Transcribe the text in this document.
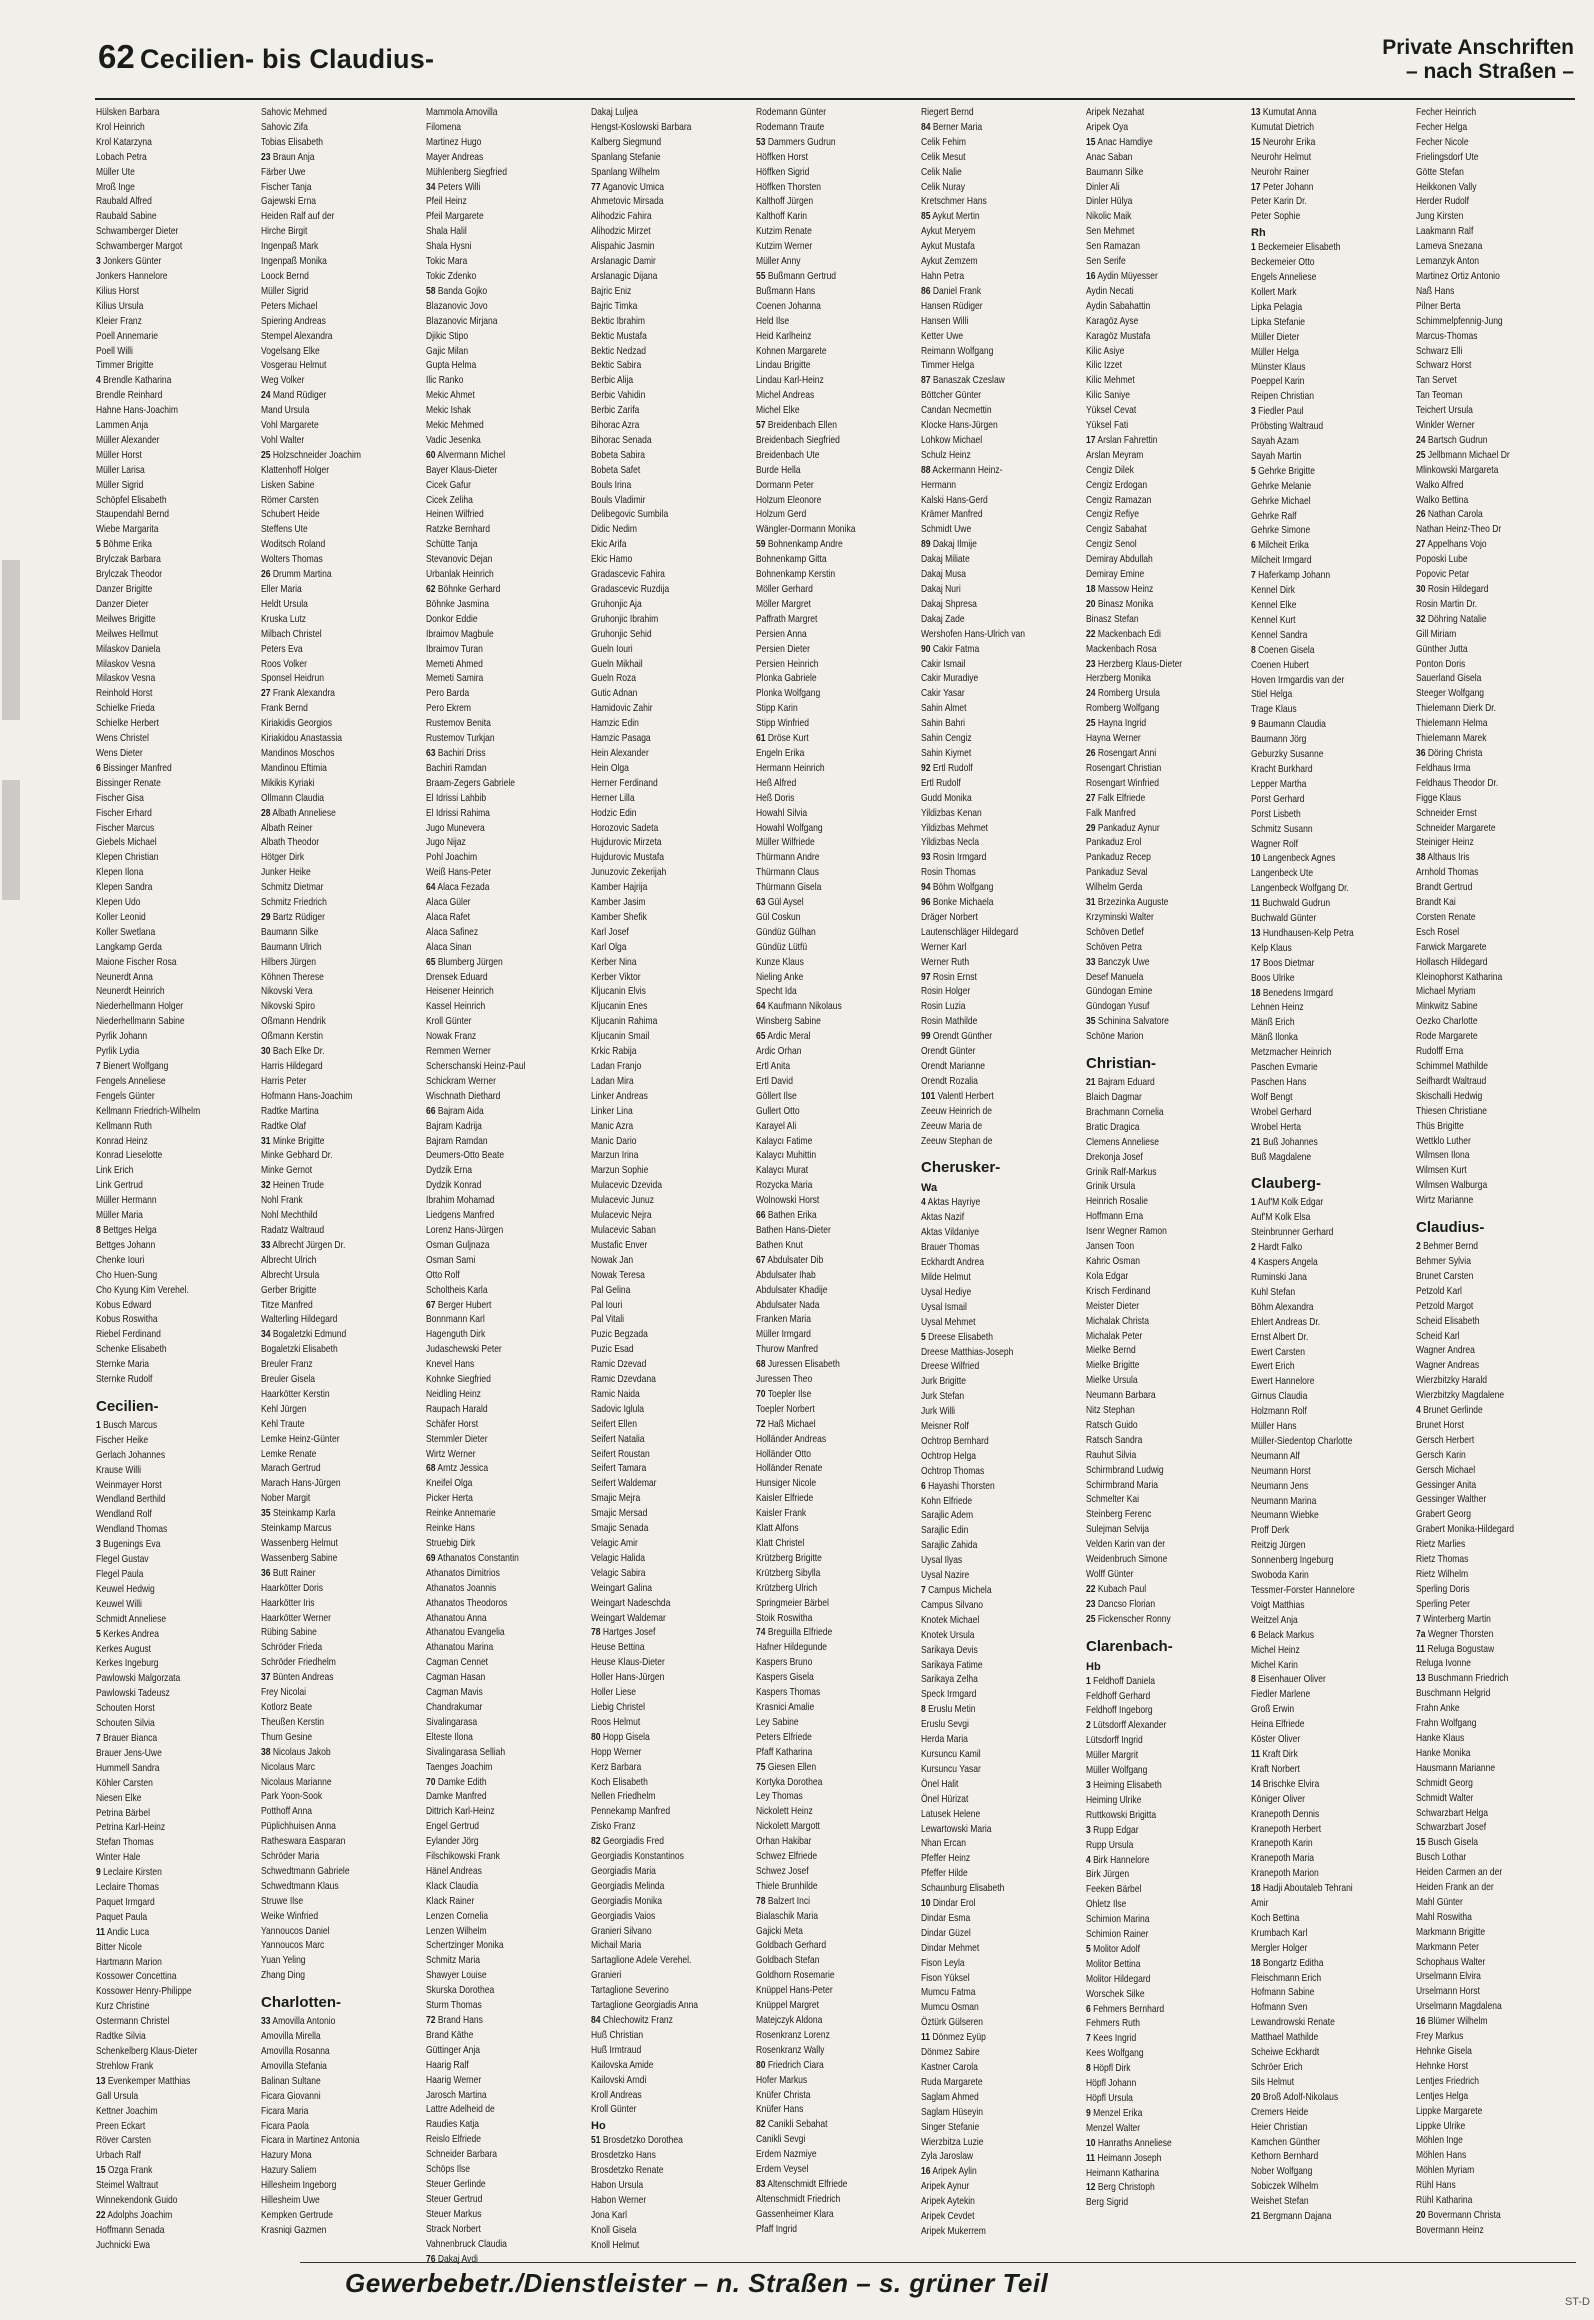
62 Cecilien- bis Claudius-	Private Anschriften
– nach Straßen –
Hülsken Barbara
Krol Heinrich
Krol Katarzyna
Lobach Petra
Müller Ute
Mroß Inge
Raubald Alfred
Raubald Sabine
Schwamberger Dieter
Schwamberger Margot
3 Jonkers Günter
Jonkers Hannelore
Kilius Horst
Kilius Ursula
Kleier Franz
Poell Annemarie
Poell Willi
Timmer Brigitte
4 Brendle Katharina
Brendle Reinhard
Hahne Hans-Joachim
Lammen Anja
Müller Alexander
Müller Horst
Müller Larisa
Müller Sigrid
Schöpfel Elisabeth
Staupendahl Bernd
Wiebe Margarita
5 Böhme Erika
Brylczak Barbara
Brylczak Theodor
Danzer Brigitte
Danzer Dieter
Meilwes Brigitte
Meilwes Hellmut
Milaskov Daniela
Milaskov Vesna
Milaskov Vesna
Reinhold Horst
Schielke Frieda
Schielke Herbert
Wens Christel
Wens Dieter
6 Bissinger Manfred
Bissinger Renate
Fischer Gisa
Fischer Erhard
Fischer Marcus
Giebels Michael
Klepen Christian
Klepen Ilona
Klepen Sandra
Klepen Udo
Koller Leonid
Koller Swetlana
Langkamp Gerda
Maione Fischer Rosa
Neunerdt Anna
Neunerdt Heinrich
Niederhellmann Holger
Niederhellmann Sabine
Pyrlik Johann
Pyrlik Lydia
7 Bienert Wolfgang
Fengels Anneliese
Fengels Günter
Kellmann Friedrich-Wilhelm
Kellmann Ruth
Konrad Heinz
Konrad Lieselotte
Link Erich
Link Gertrud
Müller Hermann
Müller Maria
8 Bettges Helga
Bettges Johann
Chenke Iouri
Cho Huen-Sung
Cho Kyung Kim Verehel.
Kobus Edward
Kobus Roswitha
Riebel Ferdinand
Schenke Elisabeth
Sternke Maria
Sternke Rudolf
Cecilien-
1 Busch Marcus
Fischer Heike
Gerlach Johannes
Krause Willi
Weinmayer Horst
Wendland Berthild
Wendland Rolf
Wendland Thomas
3 Bugenings Eva
Flegel Gustav
Flegel Paula
Keuwel Hedwig
Keuwel Willi
Schmidt Anneliese
5 Kerkes Andrea
Kerkes August
Kerkes Ingeburg
Pawlowski Malgorzata
Pawlowski Tadeusz
Schouten Horst
Schouten Silvia
7 Brauer Bianca
Brauer Jens-Uwe
Hummell Sandra
Köhler Carsten
Niesen Elke
Petrina Bärbel
Petrina Karl-Heinz
Stefan Thomas
Winter Hale
9 Leclaire Kirsten
Leclaire Thomas
Paquet Irmgard
Paquet Paula
11 Andic Luca
Bitter Nicole
Hartmann Marion
Kossower Concettina
Kossower Henry-Philippe
Kurz Christine
Ostermann Christel
Radtke Silvia
Schenkelberg Klaus-Dieter
Strehlow Frank
13 Evenkemper Matthias
Gall Ursula
Kettner Joachim
Preen Eckart
Röver Carsten
Urbach Ralf
15 Ozga Frank
Steimel Waltraut
Winnekendonk Guido
22 Adolphs Joachim
Hoffmann Senada
Juchnicki Ewa
Sahovic Mehmed
Sahovic Zifa
Tobias Elisabeth
23 Braun Anja
Färber Uwe
Fischer Tanja
Gajewski Erna
Heiden Ralf auf der
Hirche Birgit
Ingenpaß Mark
Ingenpaß Monika
Loock Bernd
Müller Sigrid
Peters Michael
Spiering Andreas
Stempel Alexandra
Vogelsang Elke
Vosgerau Helmut
Weg Volker
24 Mand Rüdiger
Mand Ursula
Vohl Margarete
Vohl Walter
25 Holzschneider Joachim
Klattenhoff Holger
Lisken Sabine
Römer Carsten
Schubert Heide
Steffens Ute
Woditsch Roland
Wolters Thomas
26 Drumm Martina
Eller Maria
Heldt Ursula
Kruska Lutz
Milbach Christel
Peters Eva
Roos Volker
Sponsel Heidrun
27 Frank Alexandra
Frank Bernd
Kiriakidis Georgios
Kiriakidou Anastassia
Mandinos Moschos
Mandinou Eftimia
Mikikis Kyriaki
Ollmann Claudia
28 Albath Anneliese
Albath Reiner
Albath Theodor
Hötger Dirk
Junker Heike
Schmitz Dietmar
Schmitz Friedrich
29 Bartz Rüdiger
Baumann Silke
Baumann Ulrich
Hilbers Jürgen
Köhnen Therese
Nikovski Vera
Nikovski Spiro
Oßmann Hendrik
Oßmann Kerstin
30 Bach Elke Dr.
Harris Hildegard
Harris Peter
Hofmann Hans-Joachim
Radtke Martina
Radtke Olaf
31 Minke Brigitte
Minke Gebhard Dr.
Minke Gernot
32 Heinen Trude
Nohl Frank
Nohl Mechthild
Radatz Waltraud
33 Albrecht Jürgen Dr.
Albrecht Ulrich
Albrecht Ursula
Gerber Brigitte
Titze Manfred
Walterling Hildegard
34 Bogaletzki Edmund
Bogaletzki Elisabeth
Breuler Franz
Breuler Gisela
Haarkötter Kerstin
Kehl Jürgen
Kehl Traute
Lemke Heinz-Günter
Lemke Renate
Marach Gertrud
Marach Hans-Jürgen
Nober Margit
35 Steinkamp Karla
Steinkamp Marcus
Wassenberg Helmut
Wassenberg Sabine
36 Butt Rainer
Haarkötter Doris
Haarkötter Iris
Haarkötter Werner
Rübing Sabine
Schröder Frieda
Schröder Friedhelm
37 Bünten Andreas
Frey Nicolai
Kotlorz Beate
Theußen Kerstin
Thum Gesine
38 Nicolaus Jakob
Nicolaus Marc
Nicolaus Marianne
Park Yoon-Sook
Potthoff Anna
Püplichhuisen Anna
Ratheswara Easparan
Schröder Maria
Schwedtmann Gabriele
Schwedtmann Klaus
Struwe Ilse
Weike Winfried
Yannoucos Daniel
Yannoucos Marc
Yuan Yeling
Zhang Ding
Charlotten-
33 Amovilla Antonio
Amovilla Mirella
Amovilla Rosanna
Amovilla Stefania
Balinan Sultane
Ficara Giovanni
Ficara Maria
Ficara Paola
Ficara in Martinez Antonia
Hazury Mona
Hazury Saliem
Hillesheim Ingeborg
Hillesheim Uwe
Kempken Gertrude
Krasniqi Gazmen
Mammola Amovilla
Filomena
Martinez Hugo
Mayer Andreas
Mühlenberg Siegfried
34 Peters Willi
Pfeil Heinz
Pfeil Margarete
Shala Halil
Shala Hysni
Tokic Mara
Tokic Zdenko
58 Banda Gojko
Blazanovic Jovo
Blazanovic Mirjana
Djikic Stipo
Gajic Milan
Gupta Helma
Ilic Ranko
Mekic Ahmet
Mekic Ishak
Mekic Mehmed
Vadic Jesenka
60 Alvermann Michel
Bayer Klaus-Dieter
Cicek Gafur
Cicek Zeliha
Heinen Wilfried
Ratzke Bernhard
Schütte Tanja
Stevanovic Dejan
Urbanlak Heinrich
62 Böhnke Gerhard
Böhnke Jasmina
Donkor Eddie
Ibraimov Magbule
Ibraimov Turan
Memeti Ahmed
Memeti Samira
Pero Barda
Pero Ekrem
Rustemov Benita
Rustemov Turkjan
63 Bachiri Driss
Bachiri Ramdan
Braam-Zegers Gabriele
El Idrissi Lahbib
El Idrissi Rahima
Jugo Munevera
Jugo Nijaz
Pohl Joachim
Weiß Hans-Peter
64 Alaca Fezada
Alaca Güler
Alaca Rafet
Alaca Safinez
Alaca Sinan
65 Blumberg Jürgen
Drensek Eduard
Heisener Heinrich
Kassel Heinrich
Kroll Günter
Nowak Franz
Remmen Werner
Scherschanski Heinz-Paul
Schickram Werner
Wischnath Diethard
66 Bajram Aida
Bajram Kadrija
Bajram Ramdan
Deumers-Otto Beate
Dydzik Erna
Dydzik Konrad
Ibrahim Mohamad
Liedgens Manfred
Lorenz Hans-Jürgen
Osman Guljnaza
Osman Sami
Otto Rolf
Scholtheis Karla
67 Berger Hubert
Bonnmann Karl
Hagenguth Dirk
Judaschewski Peter
Knevel Hans
Kohnke Siegfried
Neidling Heinz
Raupach Harald
Schäfer Horst
Stemmler Dieter
Wirtz Werner
68 Arntz Jessica
Kneifel Olga
Picker Herta
Reinke Annemarie
Reinke Hans
Struebig Dirk
69 Athanatos Constantin
Athanatos Dimitrios
Athanatos Joannis
Athanatos Theodoros
Athanatou Anna
Athanatou Evangelia
Athanatou Marina
Cagman Cennet
Cagman Hasan
Cagman Mavis
Chandrakumar
Sivalingarasa
Elteste Ilona
Sivalingarasa Selliah
Taenges Joachim
70 Damke Edith
Damke Manfred
Dittrich Karl-Heinz
Engel Gertrud
Eylander Jörg
Filschikowski Frank
Hänel Andreas
Klack Claudia
Klack Rainer
Lenzen Cornelia
Lenzen Wilhelm
Schertzinger Monika
Schmitz Maria
Shawyer Louise
Skurska Dorothea
Sturm Thomas
72 Brand Hans
Brand Käthe
Güttinger Anja
Haarig Ralf
Haarig Werner
Jarosch Martina
Lattre Adelheid de
Raudies Katja
Reislo Elfriede
Schneider Barbara
Schöps Ilse
Steuer Gerlinde
Steuer Gertrud
Steuer Markus
Strack Norbert
Vahnenbruck Claudia
76 Dakaj Avdi
Dakaj Luljea
Hengst-Koslowski Barbara
Kalberg Siegmund
Spanlang Stefanie
Spanlang Wilhelm
77 Aganovic Umica
Ahmetovic Mirsada
Alihodzic Fahira
Alihodzic Mirzet
Alispahic Jasmin
Arslanagic Damir
Arslanagic Dijana
Bajric Eniz
Bajric Timka
Bektic Ibrahim
Bektic Mustafa
Bektic Nedzad
Bektic Sabira
Berbic Alija
Berbic Vahidin
Berbic Zarifa
Bihorac Azra
Bihorac Senada
Bobeta Sabira
Bobeta Safet
Bouls Irina
Bouls Vladimir
Delibegovic Sumbila
Didic Nedim
Ekic Arifa
Ekic Hamo
Gradascevic Fahira
Gradascevic Ruzdija
Gruhonjic Aja
Gruhonjic Ibrahim
Gruhonjic Sehid
Gueln Iouri
Gueln Mikhail
Gueln Roza
Gutic Adnan
Hamidovic Zahir
Hamzic Edin
Hamzic Pasaga
Hein Alexander
Hein Olga
Herner Ferdinand
Herner Lilla
Hodzic Edin
Horozovic Sadeta
Hujdurovic Mirzeta
Hujdurovic Mustafa
Junuzovic Zekerijah
Kamber Hajrija
Kamber Jasim
Kamber Shefik
Karl Josef
Karl Olga
Kerber Nina
Kerber Viktor
Kljucanin Elvis
Kljucanin Enes
Kljucanin Rahima
Kljucanin Smail
Krkic Rabija
Ladan Franjo
Ladan Mira
Linker Andreas
Linker Lina
Manic Azra
Manic Dario
Marzun Irina
Marzun Sophie
Mulacevic Dzevida
Mulacevic Junuz
Mulacevic Nejra
Mulacevic Saban
Mustafic Enver
Nowak Jan
Nowak Teresa
Pal Gelina
Pal Iouri
Pal Vitali
Puzic Begzada
Puzic Esad
Ramic Dzevad
Ramic Dzevdana
Ramic Naida
Sadovic Iglula
Seifert Ellen
Seifert Natalia
Seifert Roustan
Seifert Tamara
Seifert Waldemar
Smajic Mejra
Smajic Mersad
Smajic Senada
Velagic Amir
Velagic Halida
Velagic Sabira
Weingart Galina
Weingart Nadeschda
Weingart Waldemar
78 Hartges Josef
Heuse Bettina
Heuse Klaus-Dieter
Holler Hans-Jürgen
Holler Liese
Liebig Christel
Roos Helmut
80 Hopp Gisela
Hopp Werner
Kerz Barbara
Koch Elisabeth
Nellen Friedhelm
Pennekamp Manfred
Zisko Franz
82 Georgiadis Fred
Georgiadis Konstantinos
Georgiadis Maria
Georgiadis Melinda
Georgiadis Monika
Georgiadis Vaios
Granieri Silvano
Michail Maria
Sartaglione Adele Verehel.
Granieri
Tartaglione Severino
Tartaglione Georgiadis Anna
84 Chlechowitz Franz
Huß Christian
Huß Irmtraud
Kailovska Amide
Kailovski Arndi
Kroll Andreas
Kroll Günter
Ho
51 Brosdetzko Dorothea
Brosdetzko Hans
Brosdetzko Renate
Habon Ursula
Habon Werner
Jona Karl
Knoll Gisela
Knoll Helmut
Rodemann Günter
Rodemann Traute
53 Dammers Gudrun
Höffken Horst
Höffken Sigrid
Höffken Thorsten
Kalthoff Jürgen
Kalthoff Karin
Kutzim Renate
Kutzim Werner
Müller Anny
55 Bußmann Gertrud
Bußmann Hans
Coenen Johanna
Held Ilse
Heid Karlheinz
Kohnen Margarete
Lindau Brigitte
Lindau Karl-Heinz
Michel Andreas
Michel Elke
57 Breidenbach Ellen
Breidenbach Siegfried
Breidenbach Ute
Burde Hella
Dormann Peter
Holzum Eleonore
Holzum Gerd
Wängler-Dormann Monika
59 Bohnenkamp Andre
Bohnenkamp Gitta
Bohnenkamp Kerstin
Möller Gerhard
Möller Margret
Paffrath Margret
Persien Anna
Persien Dieter
Persien Heinrich
Plonka Gabriele
Plonka Wolfgang
Stipp Karin
Stipp Winfried
61 Dröse Kurt
Engeln Erika
Hermann Heinrich
Heß Alfred
Heß Doris
Howahl Silvia
Howahl Wolfgang
Müller Wilfriede
Thürmann Andre
Thürmann Claus
Thürmann Gisela
63 Gül Aysel
Gül Coskun
Gündüz Gülhan
Gündüz Lütfü
Kunze Klaus
Nieling Anke
Specht Ida
64 Kaufmann Nikolaus
Winsberg Sabine
65 Ardic Meral
Ardic Orhan
Ertl Anita
Ertl David
Göllert Ilse
Gullert Otto
Karayel Ali
Kalaycı Fatime
Kalaycı Muhittin
Kalaycı Murat
Rozycka Maria
Wolnowski Horst
66 Bathen Erika
Bathen Hans-Dieter
Bathen Knut
67 Abdulsater Dib
Abdulsater Ihab
Abdulsater Khadije
Abdulsater Nada
Franken Maria
Müller Irmgard
Thurow Manfred
68 Juressen Elisabeth
Juressen Theo
70 Toepler Ilse
Toepler Norbert
72 Haß Michael
Holländer Andreas
Holländer Otto
Holländer Renate
Hunsiger Nicole
Kaisler Elfriede
Kaisler Frank
Klatt Alfons
Klatt Christel
Krützberg Brigitte
Krützberg Sibylla
Krützberg Ulrich
Springmeier Bärbel
Stoik Roswitha
74 Breguilla Elfriede
Hafner Hildegunde
Kaspers Bruno
Kaspers Gisela
Kaspers Thomas
Krasnici Amalie
Ley Sabine
Peters Elfriede
Pfaff Katharina
75 Giesen Ellen
Kortyka Dorothea
Ley Thomas
Nickolett Heinz
Nickolett Margott
Orhan Hakibar
Schwez Elfriede
Schwez Josef
Thiele Brunhilde
78 Balzert Inci
Bialaschik Maria
Gajicki Meta
Goldbach Gerhard
Goldbach Stefan
Goldhorn Rosemarie
Knüppel Hans-Peter
Knüppel Margret
Matejczyk Aldona
Rosenkranz Lorenz
Rosenkranz Wally
80 Friedrich Ciara
Hofer Markus
Knüfer Christa
Knüfer Hans
82 Canikli Sebahat
Canikli Sevgi
Erdem Nazmiye
Erdem Veysel
83 Altenschmidt Elfriede
Altenschmidt Friedrich
Gassenheimer Klara
Pfaff Ingrid
Riegert Bernd
84 Berner Maria
Celik Fehim
Celik Mesut
Celik Nalie
Celik Nuray
Kretschmer Hans
85 Aykut Mertin
Aykut Meryem
Aykut Mustafa
Aykut Zemzem
Hahn Petra
86 Daniel Frank
Hansen Rüdiger
Hansen Willi
Ketter Uwe
Reimann Wolfgang
Timmer Helga
87 Banaszak Czeslaw
Böttcher Günter
Candan Necmettin
Klocke Hans-Jürgen
Lohkow Michael
Schulz Heinz
88 Ackermann Heinz-
Hermann
Kalski Hans-Gerd
Krämer Manfred
Schmidt Uwe
89 Dakaj Ilmije
Dakaj Miliate
Dakaj Musa
Dakaj Nuri
Dakaj Shpresa
Dakaj Zade
Wershofen Hans-Ulrich van
90 Cakir Fatma
Cakir Ismail
Cakir Muradiye
Cakir Yasar
Sahin Almet
Sahin Bahri
Sahin Cengiz
Sahin Kiymet
92 Ertl Rudolf
Ertl Rudolf
Gudd Monika
Yildizbas Kenan
Yildizbas Mehmet
Yildizbas Necla
93 Rosin Irmgard
Rosin Thomas
94 Böhm Wolfgang
96 Bonke Michaela
Dräger Norbert
Lautenschläger Hildegard
Werner Karl
Werner Ruth
97 Rosin Ernst
Rosin Holger
Rosin Luzia
Rosin Mathilde
99 Orendt Günther
Orendt Günter
Orendt Marianne
Orendt Rozalia
101 Valentl Herbert
Zeeuw Heinrich de
Zeeuw Maria de
Zeeuw Stephan de
Cherusker-
Wa
4 Aktas Hayriye
Aktas Nazif
Aktas Vildaniye
Brauer Thomas
Eckhardt Andrea
Milde Helmut
Uysal Hediye
Uysal Ismail
Uysal Mehmet
5 Dreese Elisabeth
Dreese Matthias-Joseph
Dreese Wilfried
Jurk Brigitte
Jurk Stefan
Jurk Willi
Meisner Rolf
Ochtrop Bernhard
Ochtrop Helga
Ochtrop Thomas
6 Hayashi Thorsten
Kohn Elfriede
Sarajlic Adem
Sarajlic Edin
Sarajlic Zahida
Uysal Ilyas
Uysal Nazire
7 Campus Michela
Campus Silvano
Knotek Michael
Knotek Ursula
Sarikaya Devis
Sarikaya Fatime
Sarikaya Zelha
Speck Irmgard
8 Eruslu Metin
Eruslu Sevgi
Herda Maria
Kursuncu Kamil
Kursuncu Yasar
Önel Halit
Önel Hürizat
Latusek Helene
Lewartowski Maria
Nhan Ercan
Pfeffer Heinz
Pfeffer Hilde
Schaunburg Elisabeth
10 Dindar Erol
Dindar Esma
Dindar Güzel
Dindar Mehmet
Fison Leyla
Fison Yüksel
Mumcu Fatma
Mumcu Osman
Öztürk Gülseren
11 Dönmez Eyüp
Dönmez Sabire
Kastner Carola
Ruda Margarete
Saglam Ahmed
Saglam Hüseyin
Singer Stefanie
Wierzbitza Luzie
Zyla Jaroslaw
16 Aripek Aylin
Aripek Aynur
Aripek Aytekin
Aripek Cevdet
Aripek Mukerrem
Aripek Nezahat
Aripek Oya
15 Anac Hamdiye
Anac Saban
Baumann Silke
Dinler Ali
Dinler Hülya
Nikolic Maik
Sen Mehmet
Sen Ramazan
Sen Serife
16 Aydin Müyesser
Aydin Necati
Aydin Sabahattin
Karagöz Ayse
Karagöz Mustafa
Kilic Asiye
Kilic Izzet
Kilic Mehmet
Kilic Saniye
Yüksel Cevat
Yüksel Fati
17 Arslan Fahrettin
Arslan Meyram
Cengiz Dilek
Cengiz Erdogan
Cengiz Ramazan
Cengiz Refiye
Cengiz Sabahat
Cengiz Senol
Demiray Abdullah
Demiray Emine
18 Massow Heinz
20 Binasz Monika
Binasz Stefan
22 Mackenbach Edi
Mackenbach Rosa
23 Herzberg Klaus-Dieter
Herzberg Monika
24 Romberg Ursula
Romberg Wolfgang
25 Hayna Ingrid
Hayna Werner
26 Rosengart Anni
Rosengart Christian
Rosengart Winfried
27 Falk Elfriede
Falk Manfred
29 Pankaduz Aynur
Pankaduz Erol
Pankaduz Recep
Pankaduz Seval
Wilhelm Gerda
31 Brzezinka Auguste
Krzyminski Walter
Schöven Detlef
Schöven Petra
33 Banczyk Uwe
Desef Manuela
Gündogan Emine
Gündogan Yusuf
35 Schinina Salvatore
Schöne Marion
Christian-
21 Bajram Eduard
Blaich Dagmar
Brachmann Cornelia
Bratic Dragica
Clemens Anneliese
Drekonja Josef
Grinik Ralf-Markus
Grinik Ursula
Heinrich Rosalie
Hoffmann Erna
Isenr Wegner Ramon
Jansen Toon
Kahric Osman
Kola Edgar
Krisch Ferdinand
Meister Dieter
Michalak Christa
Michalak Peter
Mielke Bernd
Mielke Brigitte
Mielke Ursula
Neumann Barbara
Nitz Stephan
Ratsch Guido
Ratsch Sandra
Rauhut Silvia
Schirmbrand Ludwig
Schirmbrand Maria
Schmelter Kai
Steinberg Ferenc
Sulejman Selvija
Velden Karin van der
Weidenbruch Simone
Wolff Günter
22 Kubach Paul
23 Dancso Florian
25 Fickenscher Ronny
Clarenbach-
Hb
1 Feldhoff Daniela
Feldhoff Gerhard
Feldhoff Ingeborg
2 Lütsdorff Alexander
Lütsdorff Ingrid
Müller Margrit
Müller Wolfgang
3 Heiming Elisabeth
Heiming Ulrike
Ruttkowski Brigitta
3 Rupp Edgar
Rupp Ursula
4 Birk Hannelore
Birk Jürgen
Feeken Bärbel
Ohletz Ilse
Schimion Marina
Schimion Rainer
5 Molitor Adolf
Molitor Bettina
Molitor Hildegard
Worschek Silke
6 Fehmers Bernhard
Fehmers Ruth
7 Kees Ingrid
Kees Wolfgang
8 Höpfl Dirk
Höpfl Johann
Höpfl Ursula
9 Menzel Erika
Menzel Walter
10 Hanraths Anneliese
11 Heimann Joseph
Heimann Katharina
12 Berg Christoph
Berg Sigrid
13 Kumutat Anna
Kumutat Dietrich
15 Neurohr Erika
Neurohr Helmut
Neurohr Rainer
17 Peter Johann
Peter Karin Dr.
Peter Sophie
Rh
1 Beckemeier Elisabeth
Beckemeier Otto
Engels Anneliese
Kollert Mark
Lipka Pelagia
Lipka Stefanie
Müller Dieter
Müller Helga
Münster Klaus
Poeppel Karin
Reipen Christian
3 Fiedler Paul
Pröbsting Waltraud
Sayah Azam
Sayah Martin
5 Gehrke Brigitte
Gehrke Melanie
Gehrke Michael
Gehrke Ralf
Gehrke Simone
6 Milcheit Erika
Milcheit Irmgard
7 Haferkamp Johann
Kennel Dirk
Kennel Elke
Kennel Kurt
Kennel Sandra
8 Coenen Gisela
Coenen Hubert
Hoven Irmgardis van der
Stiel Helga
Trage Klaus
9 Baumann Claudia
Baumann Jörg
Geburzky Susanne
Kracht Burkhard
Lepper Martha
Porst Gerhard
Porst Lisbeth
Schmitz Susann
Wagner Rolf
10 Langenbeck Agnes
Langenbeck Ute
Langenbeck Wolfgang Dr.
11 Buchwald Gudrun
Buchwald Günter
13 Hundhausen-Kelp Petra
Kelp Klaus
17 Boos Dietmar
Boos Ulrike
18 Benedens Irmgard
Lehnen Heinz
Mänß Erich
Mänß Ilonka
Metzmacher Heinrich
Paschen Evmarie
Paschen Hans
Wolf Bengt
Wrobel Gerhard
Wrobel Herta
21 Buß Johannes
Buß Magdalene
Clauberg-
1 Auf'M Kolk Edgar
Auf'M Kolk Elsa
Steinbrunner Gerhard
2 Hardt Falko
4 Kaspers Angela
Ruminski Jana
Kuhl Stefan
Böhm Alexandra
Ehlert Andreas Dr.
Ernst Albert Dr.
Ewert Carsten
Ewert Erich
Ewert Hannelore
Girnus Claudia
Holzmann Rolf
Müller Hans
Müller-Siedentop Charlotte
Neumann Alf
Neumann Horst
Neumann Jens
Neumann Marina
Neumann Wiebke
Proff Derk
Reitzig Jürgen
Sonnenberg Ingeburg
Swoboda Karin
Tessmer-Forster Hannelore
Voigt Matthias
Weitzel Anja
6 Belack Markus
Michel Heinz
Michel Karin
8 Eisenhauer Oliver
Fiedler Marlene
Groß Erwin
Heina Elfriede
Köster Oliver
11 Kraft Dirk
Kraft Norbert
14 Brischke Elvira
Königer Oliver
Kranepoth Dennis
Kranepoth Herbert
Kranepoth Karin
Kranepoth Maria
Kranepoth Marion
18 Hadji Aboutaleb Tehrani
Amir
Koch Bettina
Krumbach Karl
Mergler Holger
18 Bongartz Editha
Fleischmann Erich
Hofmann Sabine
Hofmann Sven
Lewandrowski Renate
Matthael Mathilde
Scheiwe Eckhardt
Schröer Erich
Sils Helmut
20 Broß Adolf-Nikolaus
Cremers Heide
Heier Christian
Kamchen Günther
Kethorn Bernhard
Nober Wolfgang
Sobiczek Wilhelm
Weishet Stefan
21 Bergmann Dajana
Fecher Heinrich
Fecher Helga
Fecher Nicole
Frielingsdorf Ute
Götte Stefan
Heikkonen Vally
Herder Rudolf
Jung Kirsten
Laakmann Ralf
Lameva Snezana
Lemanzyk Anton
Martinez Ortiz Antonio
Naß Hans
Pilner Berta
Schimmelpfennig-Jung
Marcus-Thomas
Schwarz Elli
Schwarz Horst
Tan Servet
Tan Teoman
Teichert Ursula
Winkler Werner
24 Bartsch Gudrun
25 Jellbmann Michael Dr
Mlinkowski Margareta
Walko Alfred
Walko Bettina
26 Nathan Carola
Nathan Heinz-Theo Dr
27 Appelhans Vojo
Poposki Lube
Popovic Petar
30 Rosin Hildegard
Rosin Martin Dr.
32 Döhring Natalie
Gill Miriam
Günther Jutta
Ponton Doris
Sauerland Gisela
Steeger Wolfgang
Thielemann Dierk Dr.
Thielemann Helma
Thielemann Marek
36 Döring Christa
Feldhaus Irma
Feldhaus Theodor Dr.
Figge Klaus
Schneider Ernst
Schneider Margarete
Steiniger Heinz
38 Althaus Iris
Arnhold Thomas
Brandt Gertrud
Brandt Kai
Corsten Renate
Esch Rosel
Farwick Margarete
Hollasch Hildegard
Kleinophorst Katharina
Michael Myriam
Minkwitz Sabine
Oezko Charlotte
Rode Margarete
Rudolff Erna
Schimmel Mathilde
Seifhardt Waltraud
Skischalli Hedwig
Thiesen Christiane
Thüs Brigitte
Wettklo Luther
Wilmsen Ilona
Wilmsen Kurt
Wilmsen Walburga
Wirtz Marianne
Claudius-
2 Behmer Bernd
Behmer Sylvia
Brunet Carsten
Petzold Karl
Petzold Margot
Scheid Elisabeth
Scheid Karl
Wagner Andrea
Wagner Andreas
Wierzbitzky Harald
Wierzbitzky Magdalene
4 Brunet Gerlinde
Brunet Horst
Gersch Herbert
Gersch Karin
Gersch Michael
Gessinger Anita
Gessinger Walther
Grabert Georg
Grabert Monika-Hildegard
Rietz Marlies
Rietz Thomas
Rietz Wilhelm
Sperling Doris
Sperling Peter
7 Winterberg Martin
7a Wegner Thorsten
11 Reluga Bogustaw
Reluga Ivonne
13 Buschmann Friedrich
Buschmann Helgrid
Frahn Anke
Frahn Wolfgang
Hanke Klaus
Hanke Monika
Hausmann Marianne
Schmidt Georg
Schmidt Walter
Schwarzbart Helga
Schwarzbart Josef
15 Busch Gisela
Busch Lothar
Heiden Carmen an der
Heiden Frank an der
Mahl Günter
Mahl Roswitha
Markmann Brigitte
Markmann Peter
Schophaus Walter
Urselmann Elvira
Urselmann Horst
Urselmann Magdalena
16 Blümer Wilhelm
Frey Markus
Hehnke Gisela
Hehnke Horst
Lentjes Friedrich
Lentjes Helga
Lippke Margarete
Lippke Ulrike
Möhlen Inge
Möhlen Hans
Möhlen Myriam
Rühl Hans
Rühl Katharina
20 Bovermann Christa
Bovermann Heinz
Gewerbebetr./Dienstleister – n. Straßen – s. grüner Teil
ST-D
